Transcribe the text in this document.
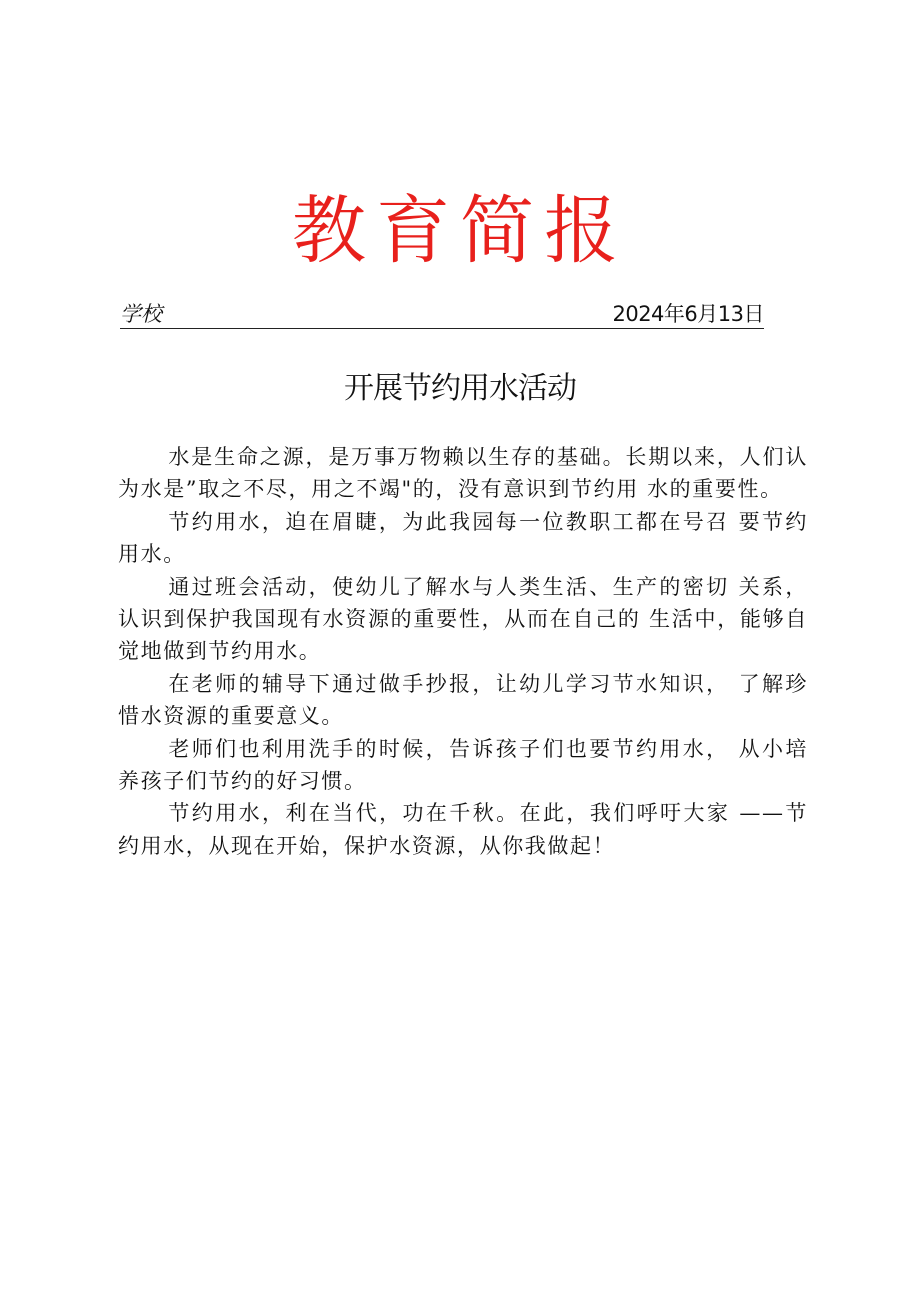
教育简报
学校	2024年6月13日
开展节约用水活动

水是生命之源，是万事万物赖以生存的基础。长期以来，人们认为水是”取之不尽，用之不竭"的，没有意识到节约用 水的重要性。

节约用水，迫在眉睫，为此我园每一位教职工都在号召 要节约用水。

通过班会活动，使幼儿了解水与人类生活、生产的密切 关系，认识到保护我国现有水资源的重要性，从而在自己的 生活中，能够自觉地做到节约用水。

在老师的辅导下通过做手抄报，让幼儿学习节水知识， 了解珍惜水资源的重要意义。

老师们也利用洗手的时候，告诉孩子们也要节约用水， 从小培养孩子们节约的好习惯。

节约用水，利在当代，功在千秋。在此，我们呼吁大家 ——节约用水，从现在开始，保护水资源，从你我做起！
